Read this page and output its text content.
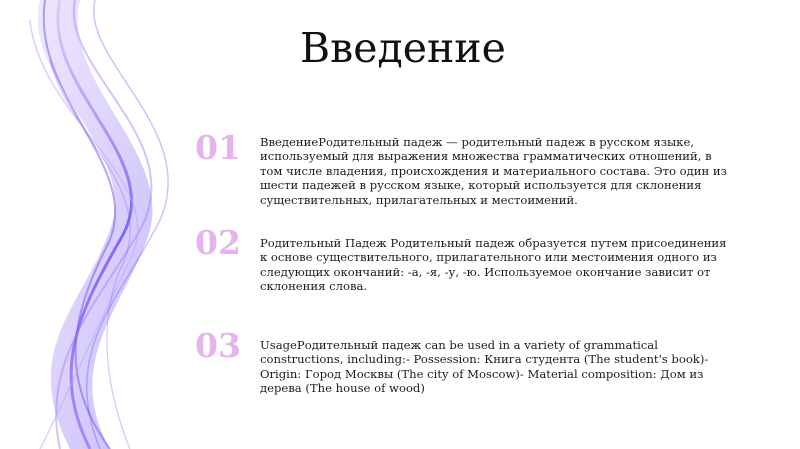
Введение
01	ВведениеРодительный падеж — родительный падеж в русском языке, используемый для выражения множества грамматических отношений, в том числе владения, происхождения и материального состава. Это один из шести падежей в русском языке, который используется для склонения существительных, прилагательных и местоимений.
02	Родительный Падеж Родительный падеж образуется путем присоединения к основе существительного, прилагательного или местоимения одного из следующих окончаний: -а, -я, -у, -ю. Используемое окончание зависит от склонения слова.
03	UsageРодительный падеж can be used in a variety of grammatical constructions, including:- Possession: Книга студента (The student's book)- Origin: Город Москвы (The city of Moscow)- Material composition: Дом из дерева (The house of wood)
